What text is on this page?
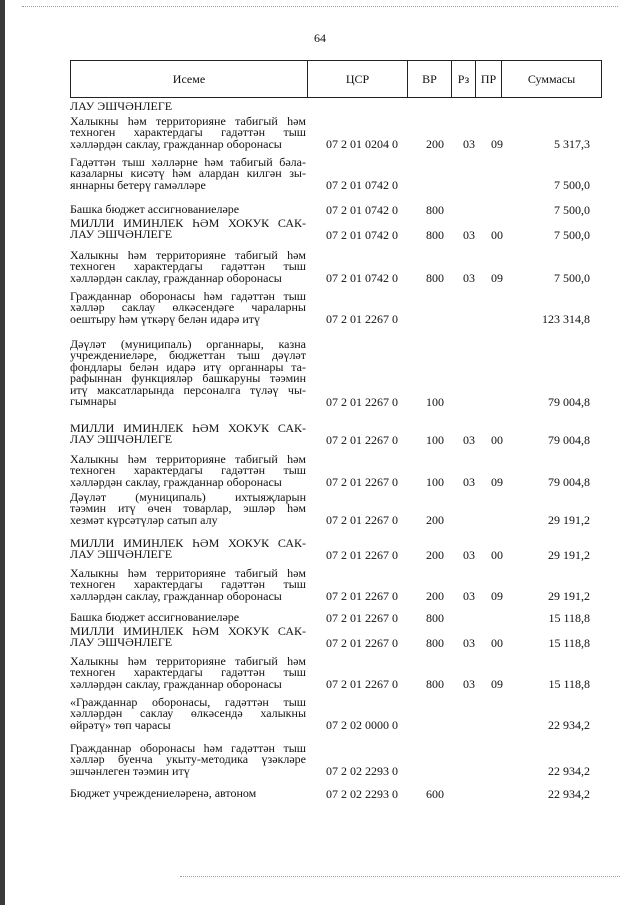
64
Исеме	ЦСР	ВР	Рз ПР	Суммасы
ЛАУ ЭШЧӘНЛЕГЕ
Халыкны һәм территорияне табигый һәм
техноген характердагы гадәттән тыш
хәлләрдән саклау, гражданнар оборонасы	07 2 01 0204 0	200	03	09	5 317,3
Гадәттән тыш хәлләрне һәм табигый бәла-
казаларны кисәтү һәм алардан килгән зы-
яннарны бетерү гамәлләре	07 2 01 0742 0	7 500,0
Башка бюджет ассигнованиеләре	07 2 01 0742 0	800	7 500,0
МИЛЛИ ИМИНЛЕК ҺӘМ ХОКУК САК-
ЛАУ ЭШЧӘНЛЕГЕ	07 2 01 0742 0	800	03	00	7 500,0
Халыкны һәм территорияне табигый һәм
техноген характердагы гадәттән тыш
хәлләрдән саклау, гражданнар оборонасы	07 2 01 0742 0	800	03	09	7 500,0
Гражданнар оборонасы һәм гадәттән тыш
хәлләр саклау өлкәсендәге чараларны
оештыру һәм үткәрү белән идарә итү	07 2 01 2267 0	123 314,8
Дәүләт (муниципаль) органнары, казна
учреждениеләре, бюджеттан тыш дәүләт
фондлары белән идарә итү органнары та-
рафыннан функцияләр башкаруны тәэмин
итү максатларында персоналга түләү чы-
гымнары	07 2 01 2267 0	100	79 004,8
МИЛЛИ ИМИНЛЕК ҺӘМ ХОКУК САК-
ЛАУ ЭШЧӘНЛЕГЕ	07 2 01 2267 0	100	03	00	79 004,8
Халыкны һәм территорияне табигый һәм
техноген характердагы гадәттән тыш
хәлләрдән саклау, гражданнар оборонасы	07 2 01 2267 0	100	03	09	79 004,8
Дәүләт (муниципаль) ихтыяҗларын
тәэмин итү өчен товарлар, эшләр һәм
хезмәт күрсәтүләр сатып алу	07 2 01 2267 0	200	29 191,2
МИЛЛИ ИМИНЛЕК ҺӘМ ХОКУК САК-
ЛАУ ЭШЧӘНЛЕГЕ	07 2 01 2267 0	200	03	00	29 191,2
Халыкны һәм территорияне табигый һәм
техноген характердагы гадәттән тыш
хәлләрдән саклау, гражданнар оборонасы	07 2 01 2267 0	200	03	09	29 191,2
Башка бюджет ассигнованиеләре	07 2 01 2267 0	800	15 118,8
МИЛЛИ ИМИНЛЕК ҺӘМ ХОКУК САК-
ЛАУ ЭШЧӘНЛЕГЕ	07 2 01 2267 0	800	03	00	15 118,8
Халыкны һәм территорияне табигый һәм
техноген характердагы гадәттән тыш
хәлләрдән саклау, гражданнар оборонасы	07 2 01 2267 0	800	03	09	15 118,8
«Гражданнар оборонасы, гадәттән тыш
хәлләрдән саклау өлкәсендә халыкны
өйрәтү» төп чарасы	07 2 02 0000 0	22 934,2
Гражданнар оборонасы һәм гадәттән тыш
хәлләр буенча укыту-методика үзәкләре
эшчәнлеген тәэмин итү	07 2 02 2293 0	22 934,2
Бюджет учреждениеләренә, автоном	07 2 02 2293 0	600	22 934,2
